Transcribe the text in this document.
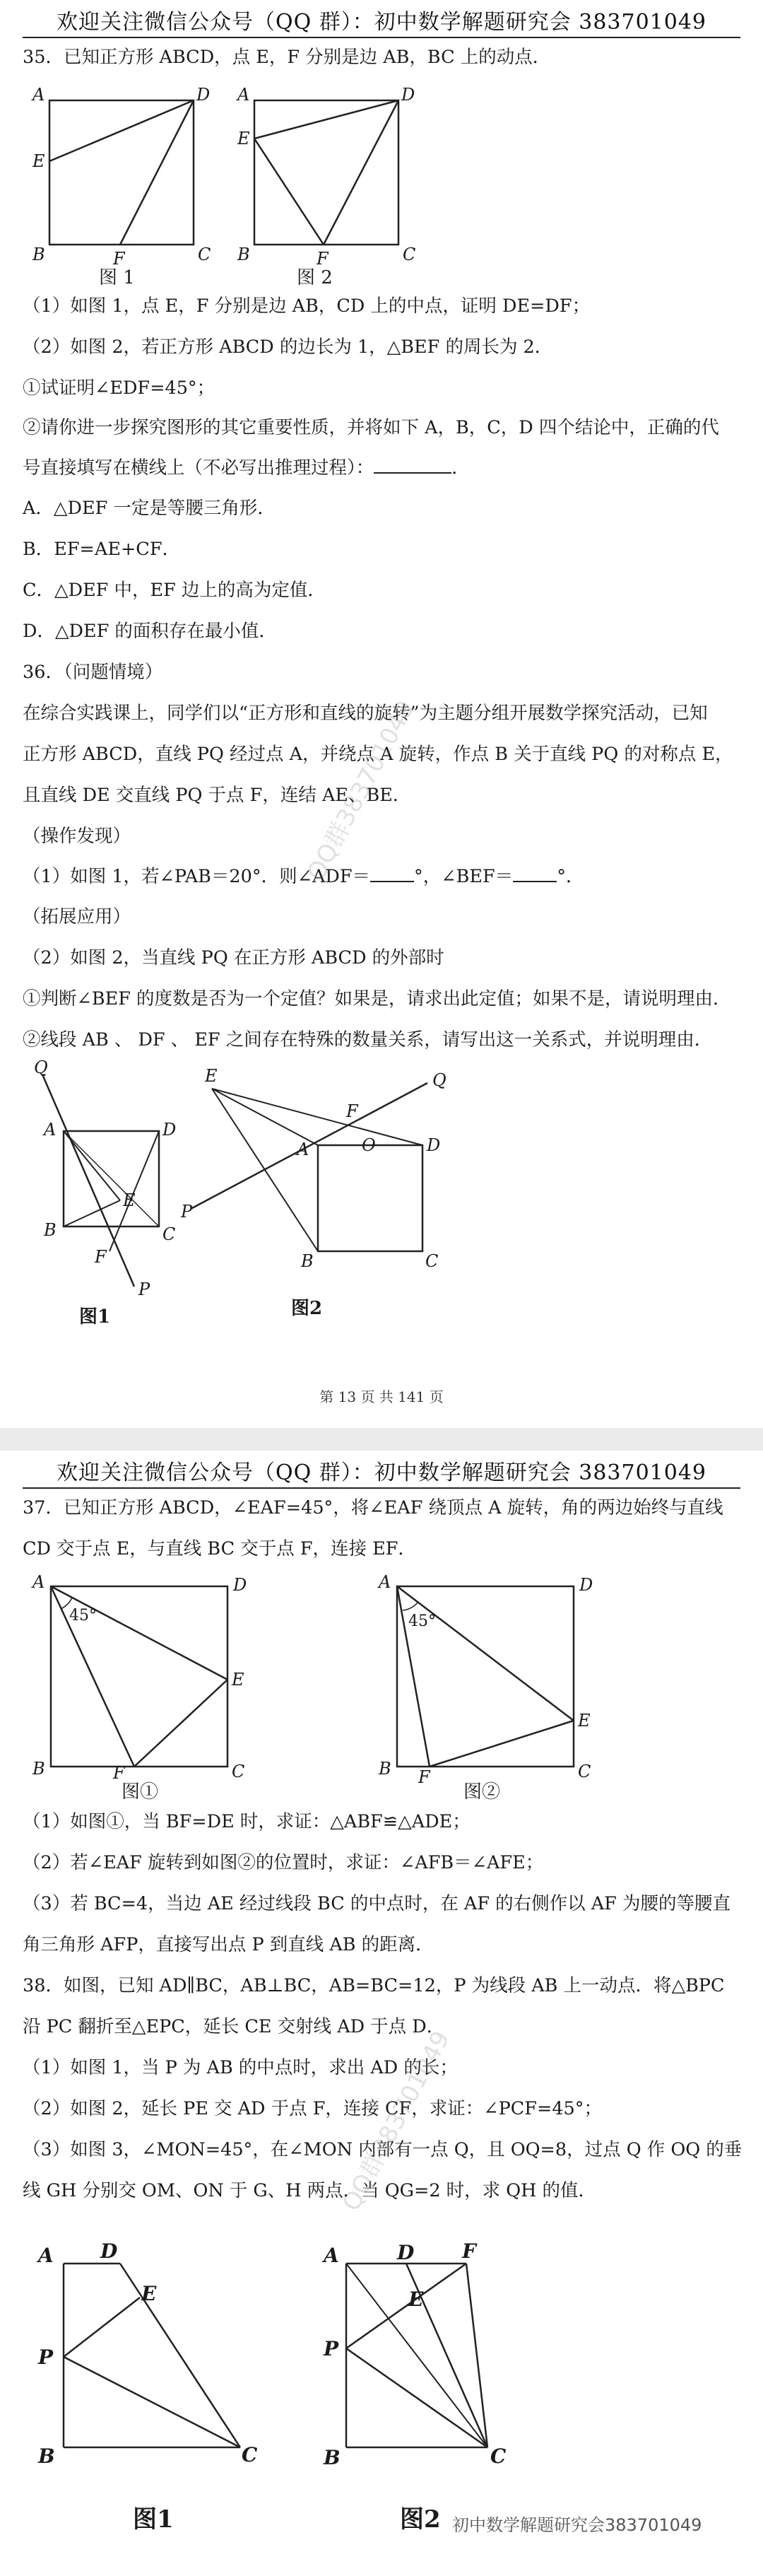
欢迎关注微信公众号（QQ 群）：初中数学解题研究会 383701049
35．已知正方形 ABCD，点 E，F 分别是边 AB，BC 上的动点．
A	D
E
B	F	C
图 1
A	D
E
B	F	C
图 2
（1）如图 1，点 E，F 分别是边 AB，CD 上的中点，证明 DE=DF；
（2）如图 2，若正方形 ABCD 的边长为 1，△BEF 的周长为 2．
①试证明∠EDF=45°；
②请你进一步探究图形的其它重要性质，并将如下 A，B，C，D 四个结论中，正确的代
号直接填写在横线上（不必写出推理过程）：	．
A．△DEF 一定是等腰三角形．
B．EF=AE+CF．
C．△DEF 中，EF 边上的高为定值．
D．△DEF 的面积存在最小值．
36．（问题情境）
在综合实践课上，同学们以“正方形和直线的旋转”为主题分组开展数学探究活动，已知
正方形 ABCD，直线 PQ 经过点 A，并绕点 A 旋转，作点 B 关于直线 PQ 的对称点 E，
且直线 DE 交直线 PQ 于点 F，连结 AE、BE．
（操作发现）
（1）如图 1，若∠PAB＝20°．则∠ADF＝ °，∠BEF＝ °．
（拓展应用）
（2）如图 2，当直线 PQ 在正方形 ABCD 的外部时
①判断∠BEF 的度数是否为一个定值？如果是，请求出此定值；如果不是，请说明理由．
②线段 AB 、 DF 、 EF 之间存在特殊的数量关系，请写出这一关系式，并说明理由．
Q
A	D
E
B	C
F
P
图1
E	Q
F
A	O	D
P
B	C
图2
QQ群383701049
第 13 页 共 141 页
欢迎关注微信公众号（QQ 群）：初中数学解题研究会 383701049
37．已知正方形 ABCD，∠EAF=45°，将∠EAF 绕顶点 A 旋转，角的两边始终与直线
CD 交于点 E，与直线 BC 交于点 F，连接 EF．
45°
A	D
E
B	F	C
图①
45°
A	D
E
B F	C
图②
（1）如图①，当 BF=DE 时，求证：△ABF≌△ADE；
（2）若∠EAF 旋转到如图②的位置时，求证：∠AFB＝∠AFE；
（3）若 BC=4，当边 AE 经过线段 BC 的中点时，在 AF 的右侧作以 AF 为腰的等腰直
角三角形 AFP，直接写出点 P 到直线 AB 的距离．
38．如图，已知 AD∥BC，AB⊥BC，AB=BC=12，P 为线段 AB 上一动点．将△BPC
沿 PC 翻折至△EPC，延长 CE 交射线 AD 于点 D．
（1）如图 1，当 P 为 AB 的中点时，求出 AD 的长；
（2）如图 2，延长 PE 交 AD 于点 F，连接 CF，求证：∠PCF=45°；
（3）如图 3，∠MON=45°，在∠MON 内部有一点 Q，且 OQ=8，过点 Q 作 OQ 的垂
线 GH 分别交 OM、ON 于 G、H 两点．当 QG=2 时，求 QH 的值．
A D
E
P
B	C
图1
A	D F
E
P
B	C
图2 初中数学解题研究会383701049
QQ群383701049
